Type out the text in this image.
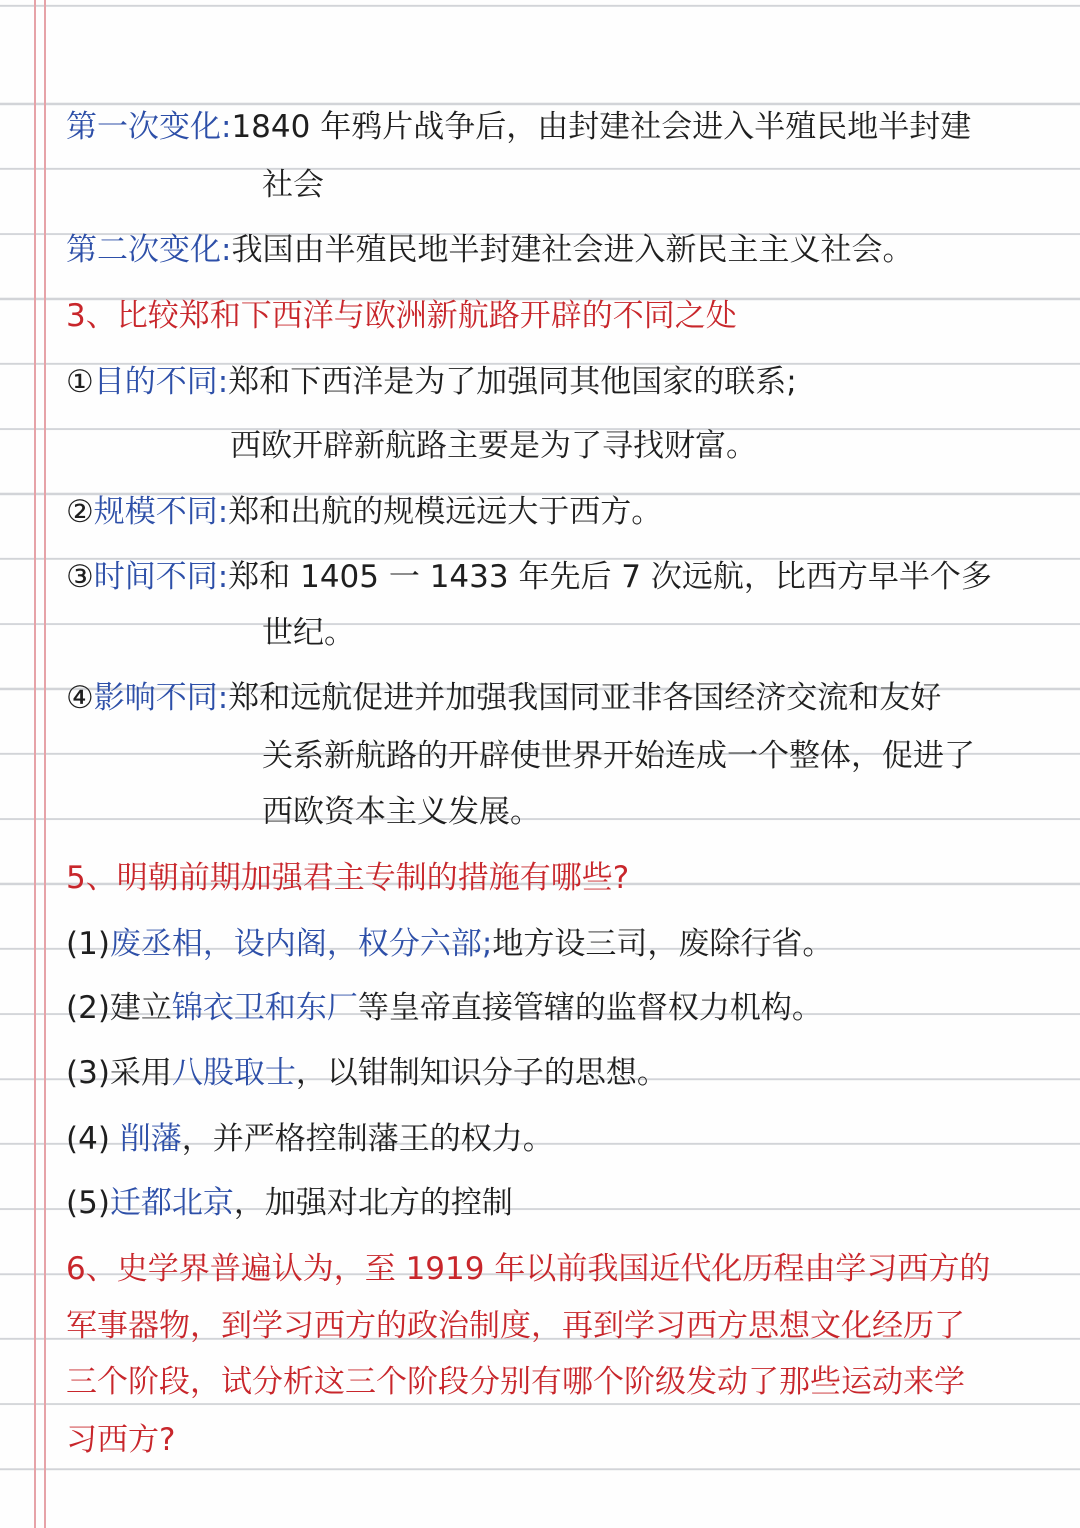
第一次变化:1840 年鸦片战争后，由封建社会进入半殖民地半封建
社会
第二次变化:我国由半殖民地半封建社会进入新民主主义社会。
3、比较郑和下西洋与欧洲新航路开辟的不同之处
①目的不同:郑和下西洋是为了加强同其他国家的联系;
西欧开辟新航路主要是为了寻找财富。
②规模不同:郑和出航的规模远远大于西方。
③时间不同:郑和 1405 一 1433 年先后 7 次远航，比西方早半个多
世纪。
④影响不同:郑和远航促进并加强我国同亚非各国经济交流和友好
关系新航路的开辟使世界开始连成一个整体，促进了
西欧资本主义发展。
5、明朝前期加强君主专制的措施有哪些?
(1)废丞相，设内阁，权分六部;地方设三司，废除行省。
(2)建立锦衣卫和东厂等皇帝直接管辖的监督权力机构。
(3)采用八股取士，以钳制知识分子的思想。
(4) 削藩，并严格控制藩王的权力。
(5)迁都北京，加强对北方的控制
6、史学界普遍认为，至 1919 年以前我国近代化历程由学习西方的
军事器物，到学习西方的政治制度，再到学习西方思想文化经历了
三个阶段，试分析这三个阶段分别有哪个阶级发动了那些运动来学
习西方?
